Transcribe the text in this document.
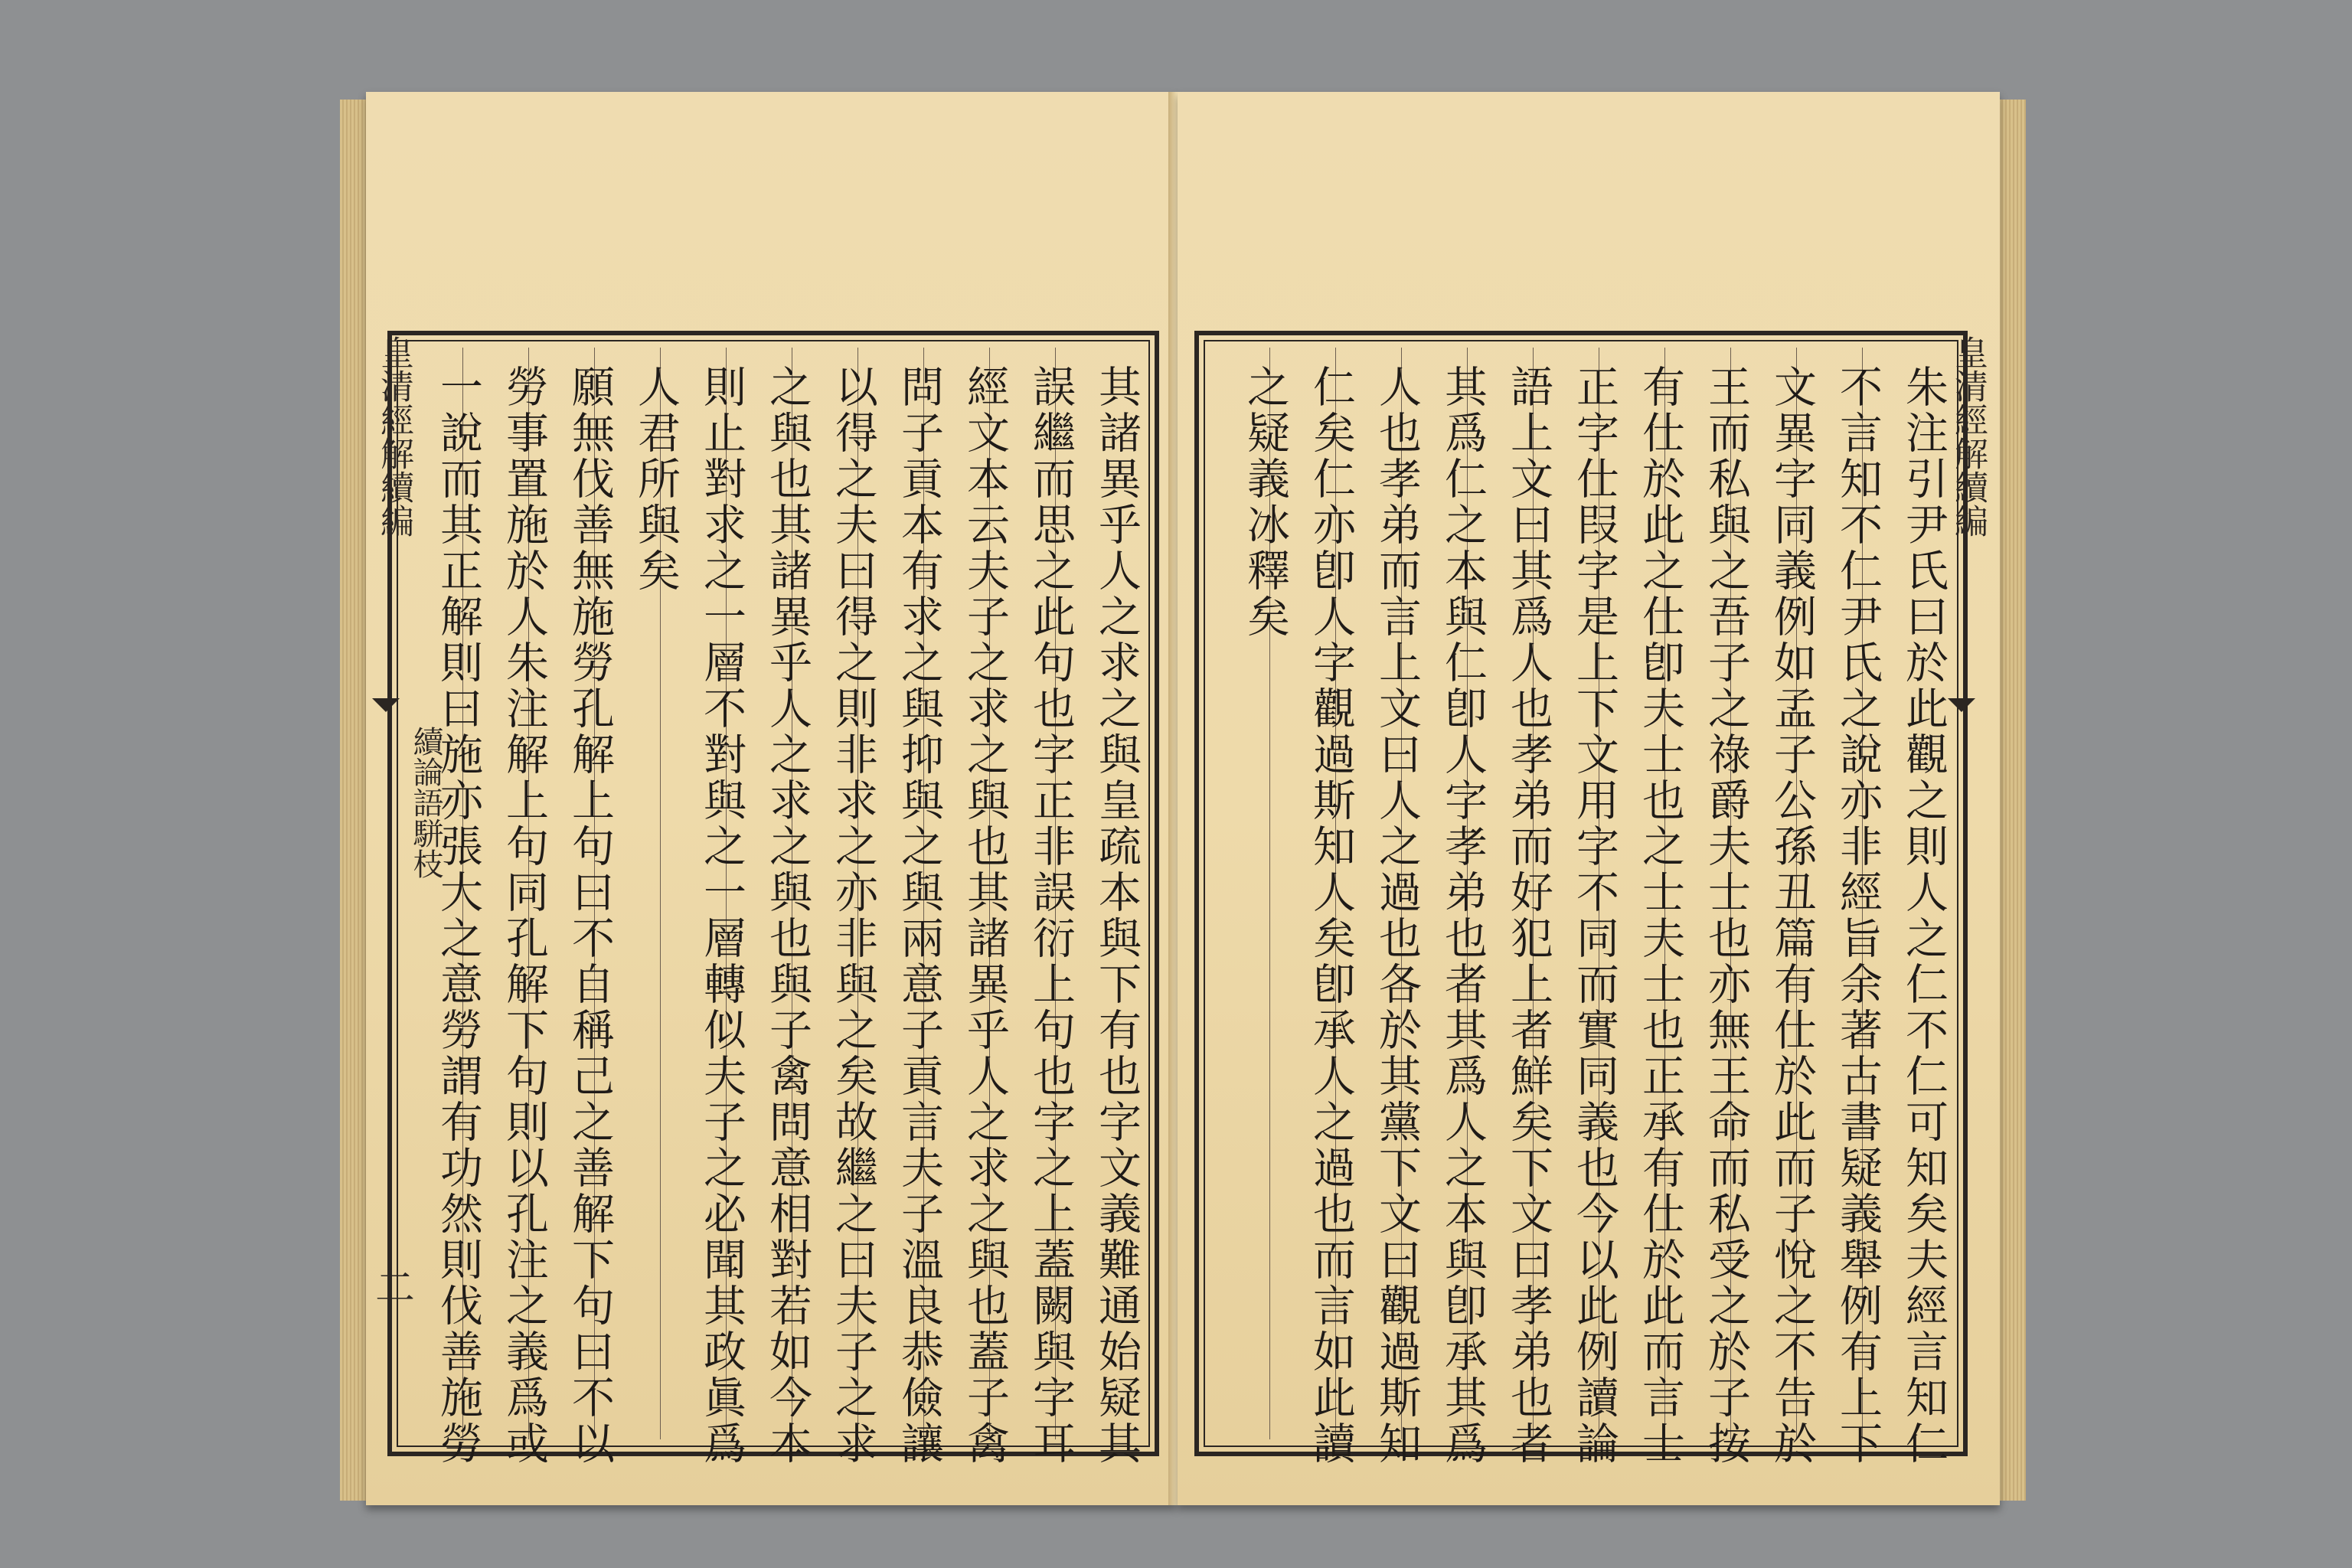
皇清經解續編
續論語駢枝
二	其諸異乎人之求之與皇疏本與下有也字文義難通始疑其
誤繼而思之此句也字正非誤衍上句也字之上蓋闕與字耳
經文本云夫子之求之與也其諸異乎人之求之與也蓋子禽
問子貢本有求之與抑與之與兩意子貢言夫子溫良恭儉讓
以得之夫曰得之則非求之亦非與之矣故繼之曰夫子之求
之與也其諸異乎人之求之與也與子禽問意相對若如今本
則止對求之一層不對與之一層轉似夫子之必聞其政眞爲
人君所與矣
願無伐善無施勞孔解上句曰不自稱己之善解下句曰不以
勞事置施於人朱注解上句同孔解下句則以孔注之義爲或
一說而其正解則曰施亦張大之意勞謂有功然則伐善施勞	皇清經解續編
朱注引尹氏曰於此觀之則人之仁不仁可知矣夫經言知仁
不言知不仁尹氏之說亦非經旨余著古書疑義舉例有上下
文異字同義例如孟子公孫丑篇有仕於此而子悅之不告於
王而私與之吾子之祿爵夫士也亦無王命而私受之於子按
有仕於此之仕卽夫士也之士夫士也正承有仕於此而言士
正字仕叚字是上下文用字不同而實同義也今以此例讀論
語上文曰其爲人也孝弟而好犯上者鮮矣下文曰孝弟也者
其爲仁之本與仁卽人字孝弟也者其爲人之本與卽承其爲
人也孝弟而言上文曰人之過也各於其黨下文曰觀過斯知
仁矣仁亦卽人字觀過斯知人矣卽承人之過也而言如此讀
之疑義冰釋矣
